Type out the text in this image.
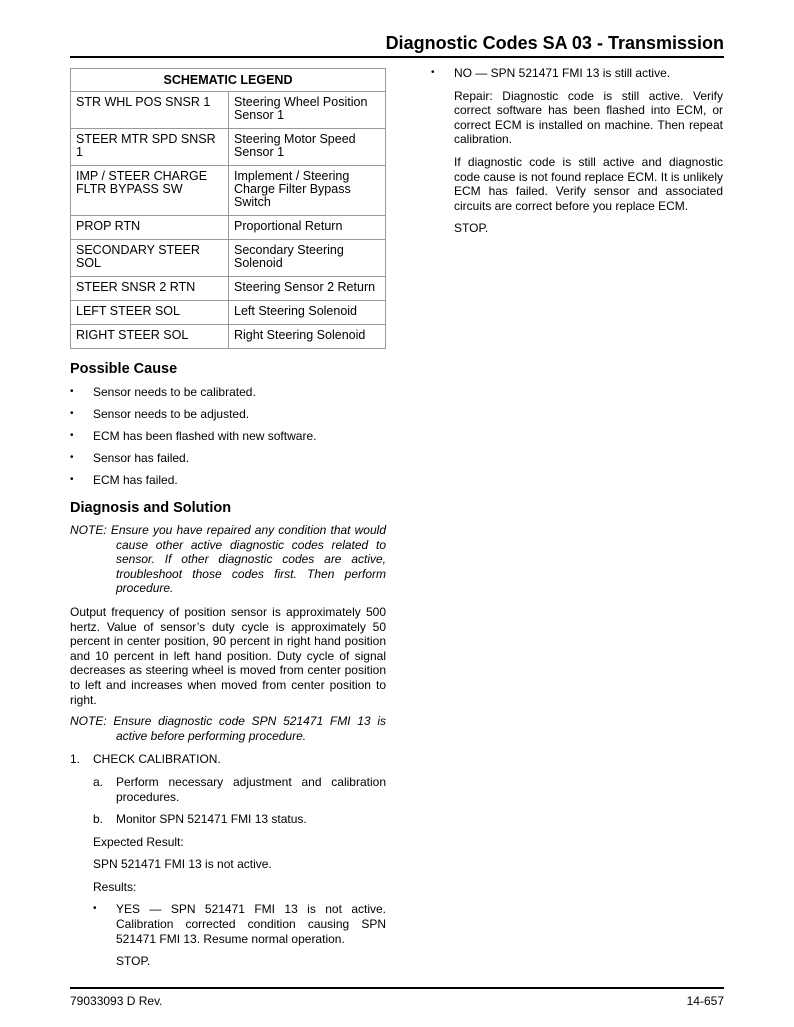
Diagnostic Codes SA 03 - Transmission
SCHEMATIC LEGEND	
STR WHL POS SNSR 1	Steering Wheel Position Sensor 1
STEER MTR SPD SNSR 1	Steering Motor Speed Sensor 1
IMP / STEER CHARGE FLTR BYPASS SW	Implement / Steering Charge Filter Bypass Switch
PROP RTN	Proportional Return
SECONDARY STEER SOL	Secondary Steering Solenoid
STEER SNSR 2 RTN	Steering Sensor 2 Return
LEFT STEER SOL	Left Steering Solenoid
RIGHT STEER SOL	Right Steering Solenoid
Possible Cause
• Sensor needs to be calibrated.
• Sensor needs to be adjusted.
• ECM has been flashed with new software.
• Sensor has failed.
• ECM has failed.
Diagnosis and Solution

NOTE: Ensure you have repaired any condition that would cause other active diagnostic codes related to sensor. If other diagnostic codes are active, troubleshoot those codes first. Then perform procedure.

Output frequency of position sensor is approximately 500 hertz. Value of sensor’s duty cycle is approximately 50 percent in center position, 90 percent in right hand position and 10 percent in left hand position. Duty cycle of signal decreases as steering wheel is moved from center position to left and increases when moved from center position to right.

NOTE: Ensure diagnostic code SPN 521471 FMI 13 is active before performing procedure.

1. CHECK CALIBRATION.
a. Perform necessary adjustment and calibration procedures.
b. Monitor SPN 521471 FMI 13 status.
Expected Result:
SPN 521471 FMI 13 is not active.
Results:
• YES — SPN 521471 FMI 13 is not active. Calibration corrected condition causing SPN 521471 FMI 13. Resume normal operation.
STOP.
• NO — SPN 521471 FMI 13 is still active.

Repair: Diagnostic code is still active. Verify correct software has been flashed into ECM, or correct ECM is installed on machine. Then repeat calibration.

If diagnostic code is still active and diagnostic code cause is not found replace ECM. It is unlikely ECM has failed. Verify sensor and associated circuits are correct before you replace ECM.

STOP.
79033093 D Rev.	14-657
